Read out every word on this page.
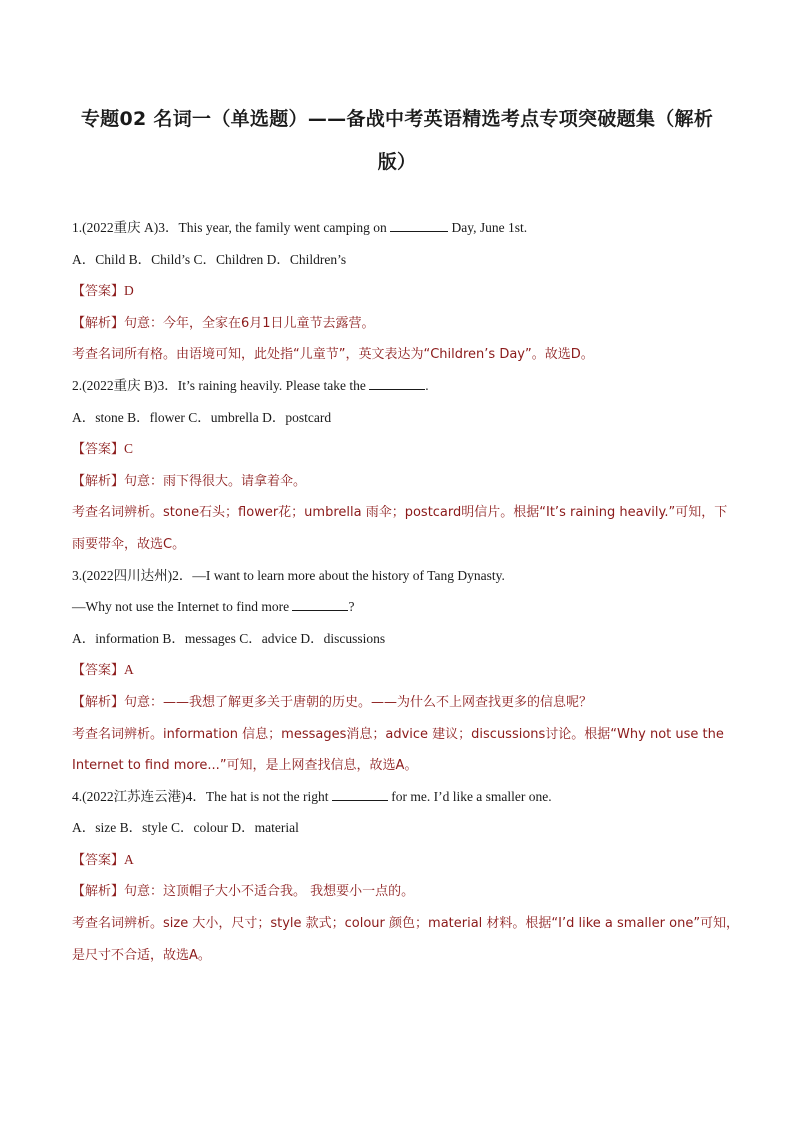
专题02 名词一（单选题）——备战中考英语精选考点专项突破题集（解析
版）
1.(2022重庆 A)3．This year, the family went camping on	Day, June 1st.
A．Child B．Child’s C．Children D．Children’s
【答案】D
【解析】句意：今年，全家在6月1日儿童节去露营。
考查名词所有格。由语境可知，此处指“儿童节”，英文表达为“Children’s Day”。故选D。
2.(2022重庆 B)3．It’s raining heavily. Please take the	.
A．stone B．flower C．umbrella D．postcard
【答案】C
【解析】句意：雨下得很大。请拿着伞。
考查名词辨析。stone石头；flower花；umbrella 雨伞；postcard明信片。根据“It’s raining heavily.”可知，下
雨要带伞，故选C。
3.(2022四川达州)2．—I want to learn more about the history of Tang Dynasty.
—Why not use the Internet to find more	?
A．information B．messages C．advice D．discussions
【答案】A
【解析】句意：——我想了解更多关于唐朝的历史。——为什么不上网查找更多的信息呢？
考查名词辨析。information 信息；messages消息；advice 建议；discussions讨论。根据“Why not use the
Internet to find more...”可知，是上网查找信息，故选A。
4.(2022江苏连云港)4．The hat is not the right	for me. I’d like a smaller one.
A．size B．style C．colour D．material
【答案】A
【解析】句意：这顶帽子大小不适合我。 我想要小一点的。
考查名词辨析。size 大小，尺寸；style 款式；colour 颜色；material 材料。根据“I’d like a smaller one”可知，
是尺寸不合适，故选A。
